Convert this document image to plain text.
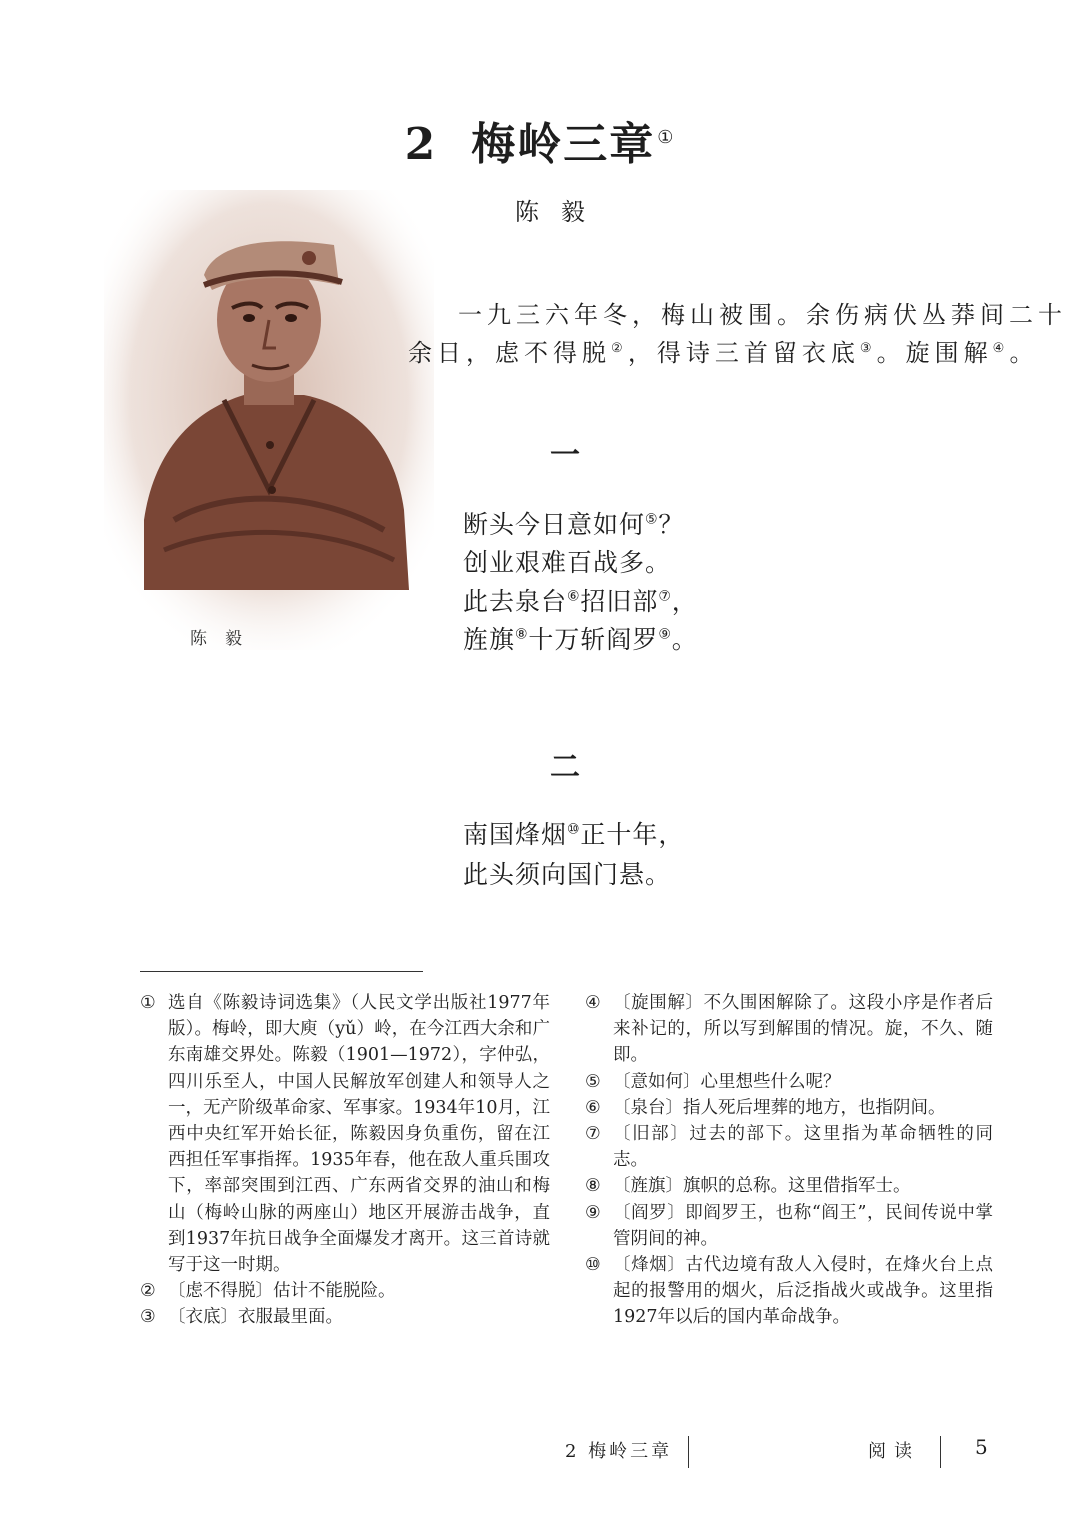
2 梅岭三章 ①
陈毅
陈毅
一九三六年冬，梅山被围。余伤病伏丛莽间二十
余日，虑不得脱②，得诗三首留衣底③。旋围解④。
一
断头今日意如何⑤？
创业艰难百战多。
此去泉台⑥招旧部⑦，
旌旗⑧十万斩阎罗⑨。
二
南国烽烟⑩正十年，
此头须向国门悬。
① 选自《陈毅诗词选集》（人民文学出版社1977年版）。梅岭，即大庾（yǔ）岭，在今江西大余和广东南雄交界处。陈毅（1901—1972），字仲弘，四川乐至人，中国人民解放军创建人和领导人之一，无产阶级革命家、军事家。1934年10月，江西中央红军开始长征，陈毅因身负重伤，留在江西担任军事指挥。1935年春，他在敌人重兵围攻下，率部突围到江西、广东两省交界的油山和梅山（梅岭山脉的两座山）地区开展游击战争，直到1937年抗日战争全面爆发才离开。这三首诗就写于这一时期。
② 〔虑不得脱〕估计不能脱险。
③ 〔衣底〕衣服最里面。
④ 〔旋围解〕不久围困解除了。这段小序是作者后来补记的，所以写到解围的情况。旋，不久、随即。
⑤ 〔意如何〕心里想些什么呢？
⑥ 〔泉台〕指人死后埋葬的地方，也指阴间。
⑦ 〔旧部〕过去的部下。这里指为革命牺牲的同志。
⑧ 〔旌旗〕旗帜的总称。这里借指军士。
⑨ 〔阎罗〕即阎罗王，也称“阎王”，民间传说中掌管阴间的神。
⑩ 〔烽烟〕古代边境有敌人入侵时，在烽火台上点起的报警用的烟火，后泛指战火或战争。这里指1927年以后的国内革命战争。
2 梅岭三章	阅读	5
